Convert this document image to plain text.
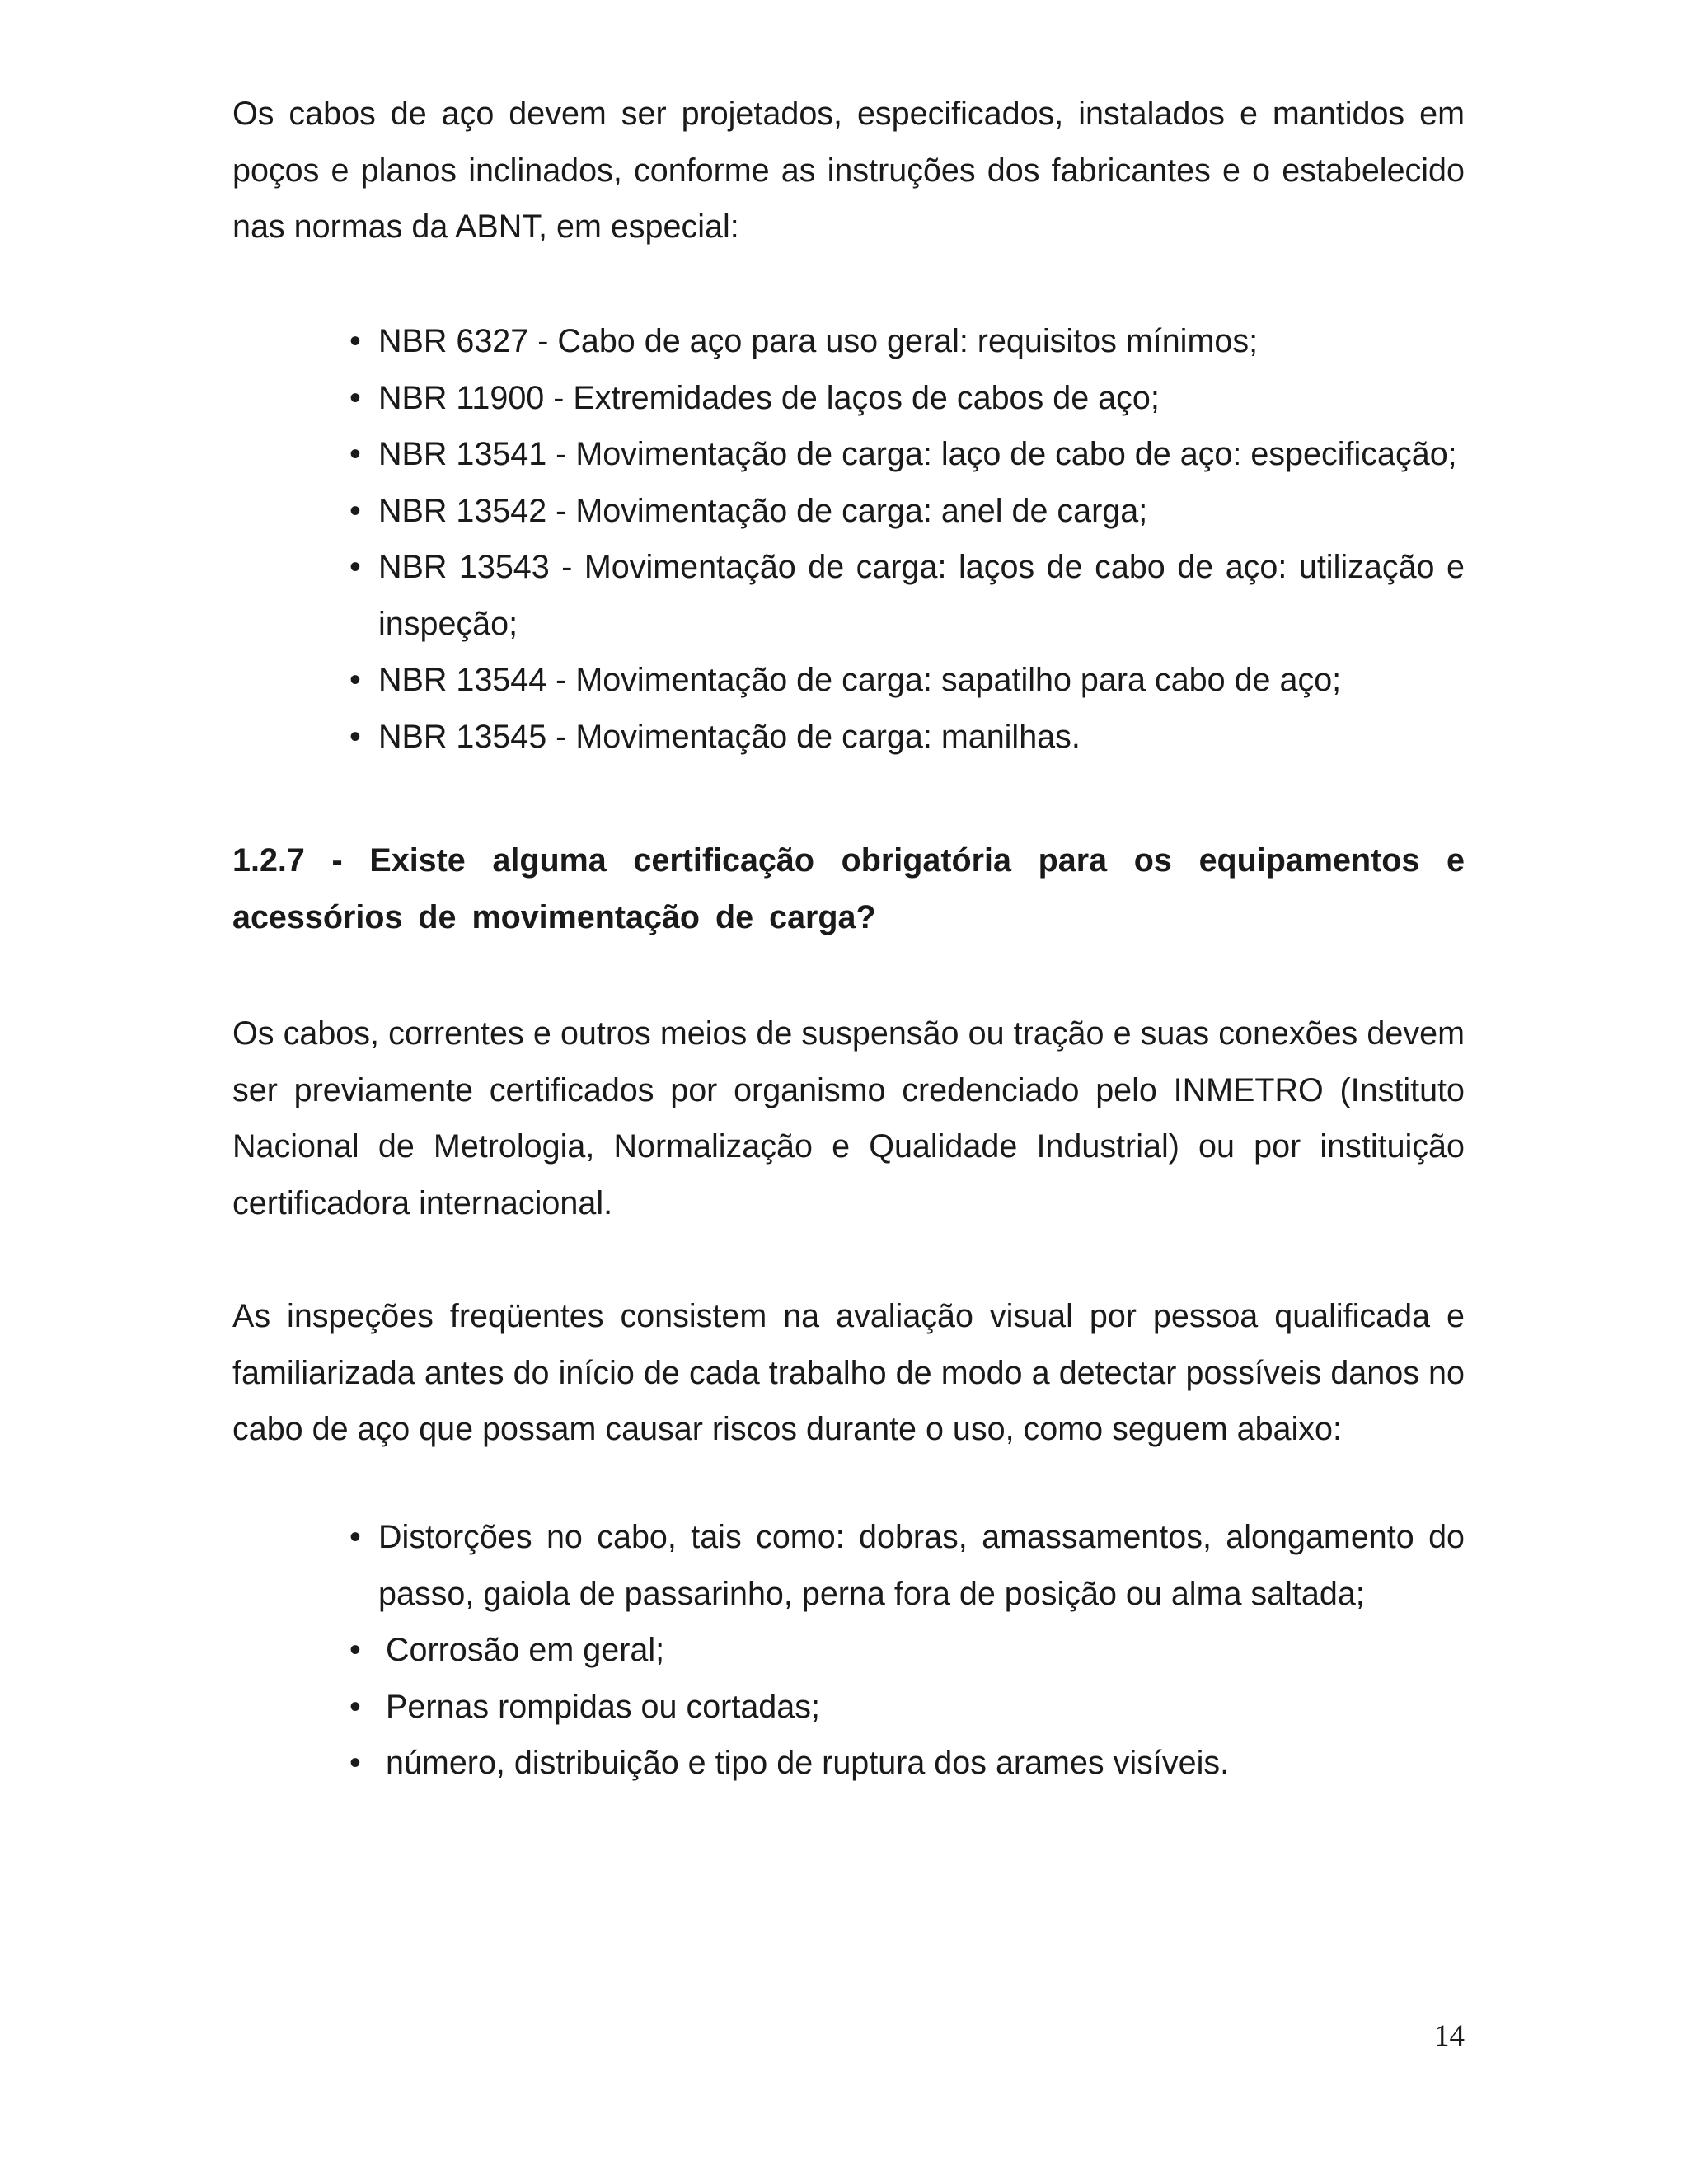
Os cabos de aço devem ser projetados, especificados, instalados e mantidos em poços e planos inclinados, conforme as instruções dos fabricantes e o estabelecido nas normas da ABNT, em especial:

• NBR 6327 - Cabo de aço para uso geral: requisitos mínimos;
• NBR 11900 - Extremidades de laços de cabos de aço;
• NBR 13541 - Movimentação de carga: laço de cabo de aço: especificação;
• NBR 13542 - Movimentação de carga: anel de carga;
• NBR 13543 - Movimentação de carga: laços de cabo de aço: utilização e inspeção;
• NBR 13544 - Movimentação de carga: sapatilho para cabo de aço;
• NBR 13545 - Movimentação de carga: manilhas.
1.2.7 - Existe alguma certificação obrigatória para os equipamentos e acessórios de movimentação de carga?

Os cabos, correntes e outros meios de suspensão ou tração e suas conexões devem ser previamente certificados por organismo credenciado pelo INMETRO (Instituto Nacional de Metrologia, Normalização e Qualidade Industrial) ou por instituição certificadora internacional.

As inspeções freqüentes consistem na avaliação visual por pessoa qualificada e familiarizada antes do início de cada trabalho de modo a detectar possíveis danos no cabo de aço que possam causar riscos durante o uso, como seguem abaixo:

• Distorções no cabo, tais como: dobras, amassamentos, alongamento do passo, gaiola de passarinho, perna fora de posição ou alma saltada;
• Corrosão em geral;
• Pernas rompidas ou cortadas;
• número, distribuição e tipo de ruptura dos arames visíveis.
14
